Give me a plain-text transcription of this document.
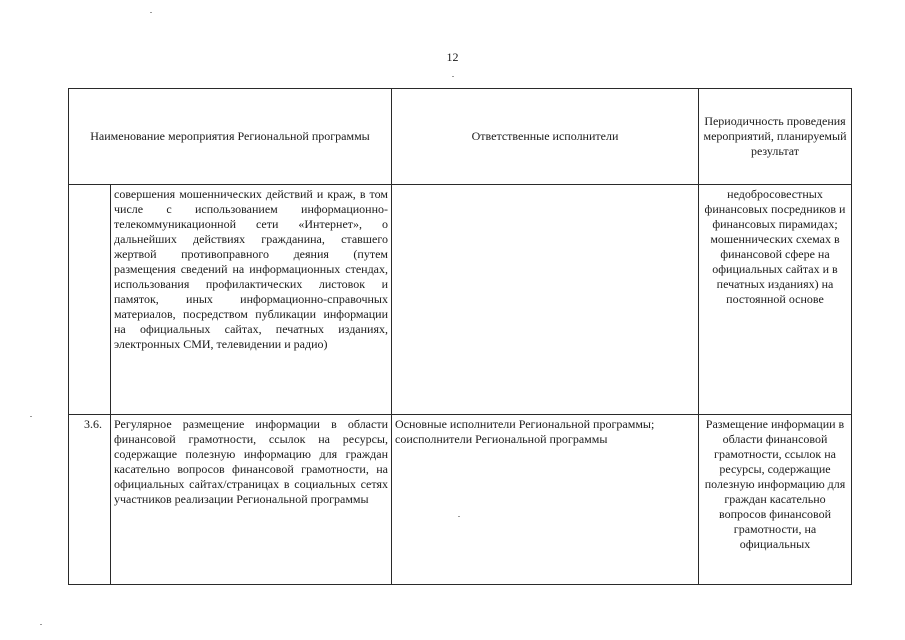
12
Наименование мероприятия Региональной программы		Ответственные исполнители	Периодичность проведения мероприятий, планируемый результат

	совершения мошеннических действий и краж, в том числе с использованием информационно-телекоммуникационной сети «Интернет», о дальнейших действиях гражданина, ставшего жертвой противоправного деяния (путем размещения сведений на информационных стендах, использования профилактических листовок и памяток, иных информационно-справочных материалов, посредством публикации информации на официальных сайтах, печатных изданиях, электронных СМИ, телевидении и радио)		недобросовестных финансовых посредников и финансовых пирамидах; мошеннических схемах в финансовой сфере на официальных сайтах и в печатных изданиях) на постоянной основе

3.6.	Регулярное размещение информации в области финансовой грамотности, ссылок на ресурсы, содержащие полезную информацию для граждан касательно вопросов финансовой грамотности, на официальных сайтах/страницах в социальных сетях участников реализации Региональной программы	Основные исполнители Региональной программы; соисполнители Региональной программы	Размещение информации в области финансовой грамотности, ссылок на ресурсы, содержащие полезную информацию для граждан касательно вопросов финансовой грамотности, на официальных
